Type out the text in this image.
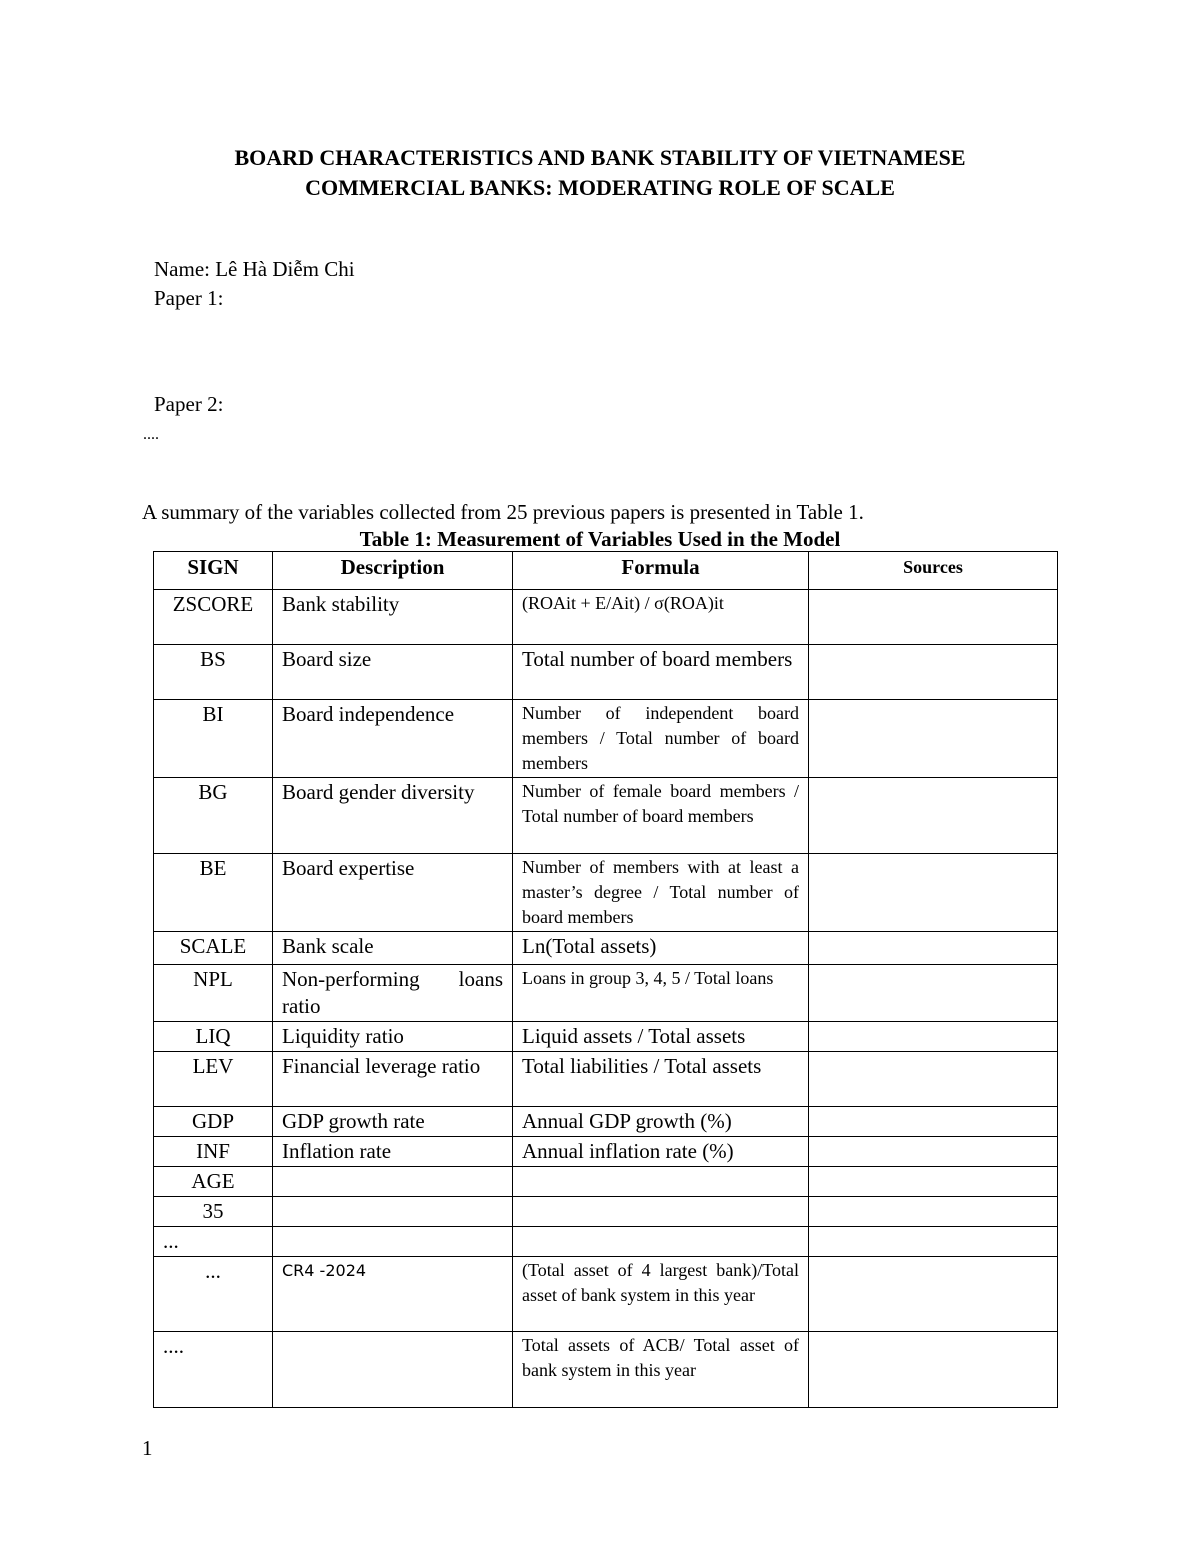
BOARD CHARACTERISTICS AND BANK STABILITY OF VIETNAMESE
COMMERCIAL BANKS: MODERATING ROLE OF SCALE
Name: Lê Hà Diễm Chi
Paper 1:
Paper 2:
....
A summary of the variables collected from 25 previous papers is presented in Table 1.
Table 1: Measurement of Variables Used in the Model
SIGN	Description	Formula	Sources
ZSCORE	Bank stability	(ROAit + E/Ait) / σ(ROA)it	
BS	Board size	Total number of board members	
BI	Board independence	Number of independent board members / Total number of board members	
BG	Board gender diversity	Number of female board members / Total number of board members	
BE	Board expertise	Number of members with at least a master’s degree / Total number of board members	
SCALE	Bank scale	Ln(Total assets)	
NPL	Non-performing loans ratio	Loans in group 3, 4, 5 / Total loans	
LIQ	Liquidity ratio	Liquid assets / Total assets	
LEV	Financial leverage ratio	Total liabilities / Total assets	
GDP	GDP growth rate	Annual GDP growth (%)	
INF	Inflation rate	Annual inflation rate (%)	
AGE			
35			
...			
...	CR4 -2024	(Total asset of 4 largest bank)/Total asset of bank system in this year	
....		Total assets of ACB/ Total asset of bank system in this year	
1
